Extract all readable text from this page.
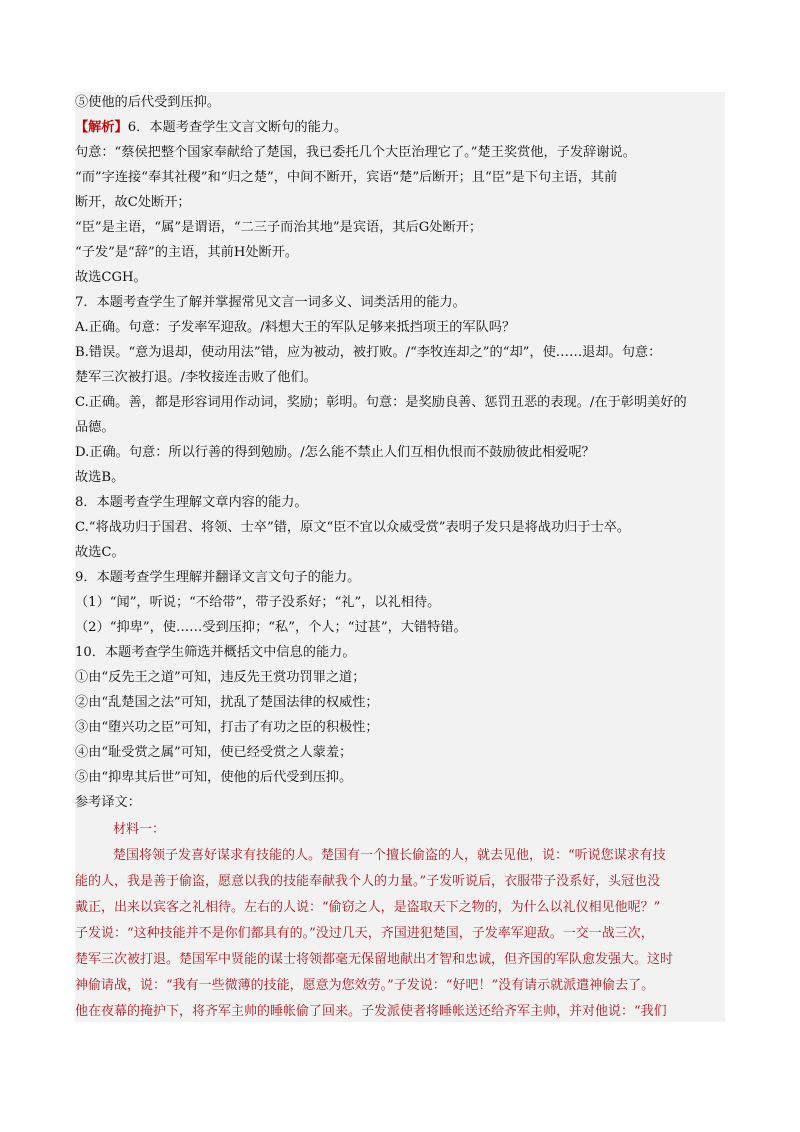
⑤使他的后代受到压抑。
【解析】6．本题考查学生文言文断句的能力。
句意：“蔡侯把整个国家奉献给了楚国，我已委托几个大臣治理它了。”楚王奖赏他，子发辞谢说。
“而”字连接“奉其社稷”和“归之楚”，中间不断开，宾语“楚”后断开；且“臣”是下句主语，其前
断开，故C处断开；
“臣”是主语，“属”是谓语，“二三子而治其地”是宾语，其后G处断开；
“子发”是“辞”的主语，其前H处断开。
故选CGH。
7．本题考查学生了解并掌握常见文言一词多义、词类活用的能力。
A.正确。句意：子发率军迎敌。/料想大王的军队足够来抵挡项王的军队吗？
B.错误。“意为退却，使动用法”错，应为被动，被打败。/“李牧连却之”的“却”，使……退却。句意：
楚军三次被打退。/李牧接连击败了他们。
C.正确。善，都是形容词用作动词，奖励；彰明。句意：是奖励良善、惩罚丑恶的表现。/在于彰明美好的
品德。
D.正确。句意：所以行善的得到勉励。/怎么能不禁止人们互相仇恨而不鼓励彼此相爱呢？
故选B。
8．本题考查学生理解文章内容的能力。
C.“将战功归于国君、将领、士卒”错，原文“臣不宜以众威受赏”表明子发只是将战功归于士卒。
故选C。
9．本题考查学生理解并翻译文言文句子的能力。
（1）“闻”，听说；“不给带”，带子没系好；“礼”，以礼相待。
（2）“抑卑”，使……受到压抑；“私”，个人；“过甚”，大错特错。
10．本题考查学生筛选并概括文中信息的能力。
①由“反先王之道”可知，违反先王赏功罚罪之道；
②由“乱楚国之法”可知，扰乱了楚国法律的权威性；
③由“堕兴功之臣”可知，打击了有功之臣的积极性；
④由“耻受赏之属”可知，使已经受赏之人蒙羞；
⑤由“抑卑其后世”可知，使他的后代受到压抑。
参考译文：
材料一：
楚国将领子发喜好谋求有技能的人。楚国有一个擅长偷盗的人，就去见他，说：“听说您谋求有技
能的人，我是善于偷盗，愿意以我的技能奉献我个人的力量。”子发听说后，衣服带子没系好，头冠也没
戴正，出来以宾客之礼相待。左右的人说：“偷窃之人，是盗取天下之物的，为什么以礼仪相见他呢？”
子发说：“这种技能并不是你们都具有的。”没过几天，齐国进犯楚国，子发率军迎敌。一交一战三次，
楚军三次被打退。楚国军中贤能的谋士将领都毫无保留地献出才智和忠诚，但齐国的军队愈发强大。这时
神偷请战，说：“我有一些微薄的技能，愿意为您效劳。”子发说：“好吧！”没有请示就派遣神偷去了。
他在夜幕的掩护下，将齐军主帅的睡帐偷了回来。子发派使者将睡帐送还给齐军主帅，并对他说：“我们
